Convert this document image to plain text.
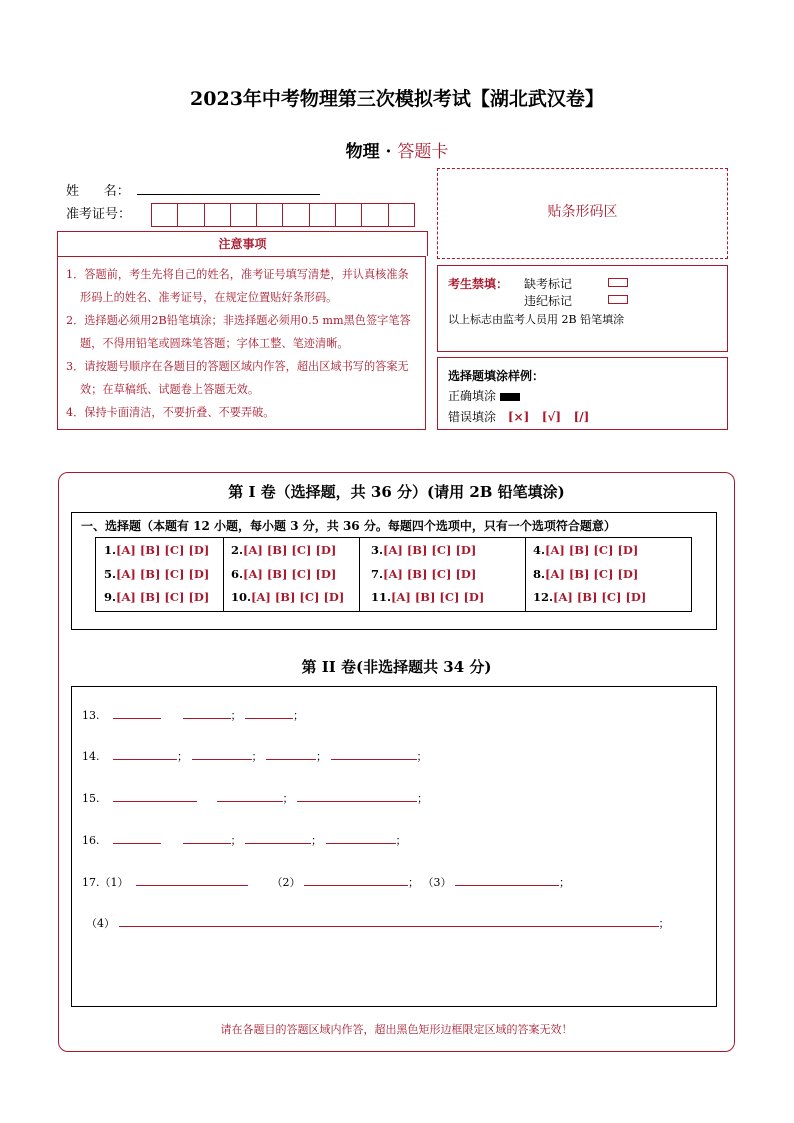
2023年中考物理第三次模拟考试【湖北武汉卷】
物理 · 答题卡
姓      名：
准考证号：
注意事项
1．答题前，考生先将自己的姓名，准考证号填写清楚，并认真核准条形码上的姓名、准考证号，在规定位置贴好条形码。
2．选择题必须用2B铅笔填涂；非选择题必须用0.5 mm黑色签字笔答题，不得用铅笔或圆珠笔答题；字体工整、笔迹清晰。
3．请按题号顺序在各题目的答题区域内作答，超出区域书写的答案无效；在草稿纸、试题卷上答题无效。
4．保持卡面清洁，不要折叠、不要弄破。
贴条形码区
考生禁填： 缺考标记
违纪标记
以上标志由监考人员用 2B 铅笔填涂
选择题填涂样例：
正确填涂
错误填涂 [×]   [√]   [/]
第 I 卷（选择题，共 36 分）(请用 2B 铅笔填涂)
一、选择题（本题有 12 小题，每小题 3 分，共 36 分。每题四个选项中，只有一个选项符合题意）
1.[A] [B] [C] [D] 2.[A] [B] [C] [D]	3.[A] [B] [C] [D]	4.[A] [B] [C] [D]
5.[A] [B] [C] [D] 6.[A] [B] [C] [D]	7.[A] [B] [C] [D]	8.[A] [B] [C] [D]
9.[A] [B] [C] [D] 10.[A] [B] [C] [D] 11.[A] [B] [C] [D]	12.[A] [B] [C] [D]
第 II 卷(非选择题共 34 分)
13.	；	；
14.	；	；	；	；
15.	；	；
16.	；	；	；
17.（1）	（2）	； （3）	；
（4）	；
请在各题目的答题区域内作答，超出黑色矩形边框限定区域的答案无效！
